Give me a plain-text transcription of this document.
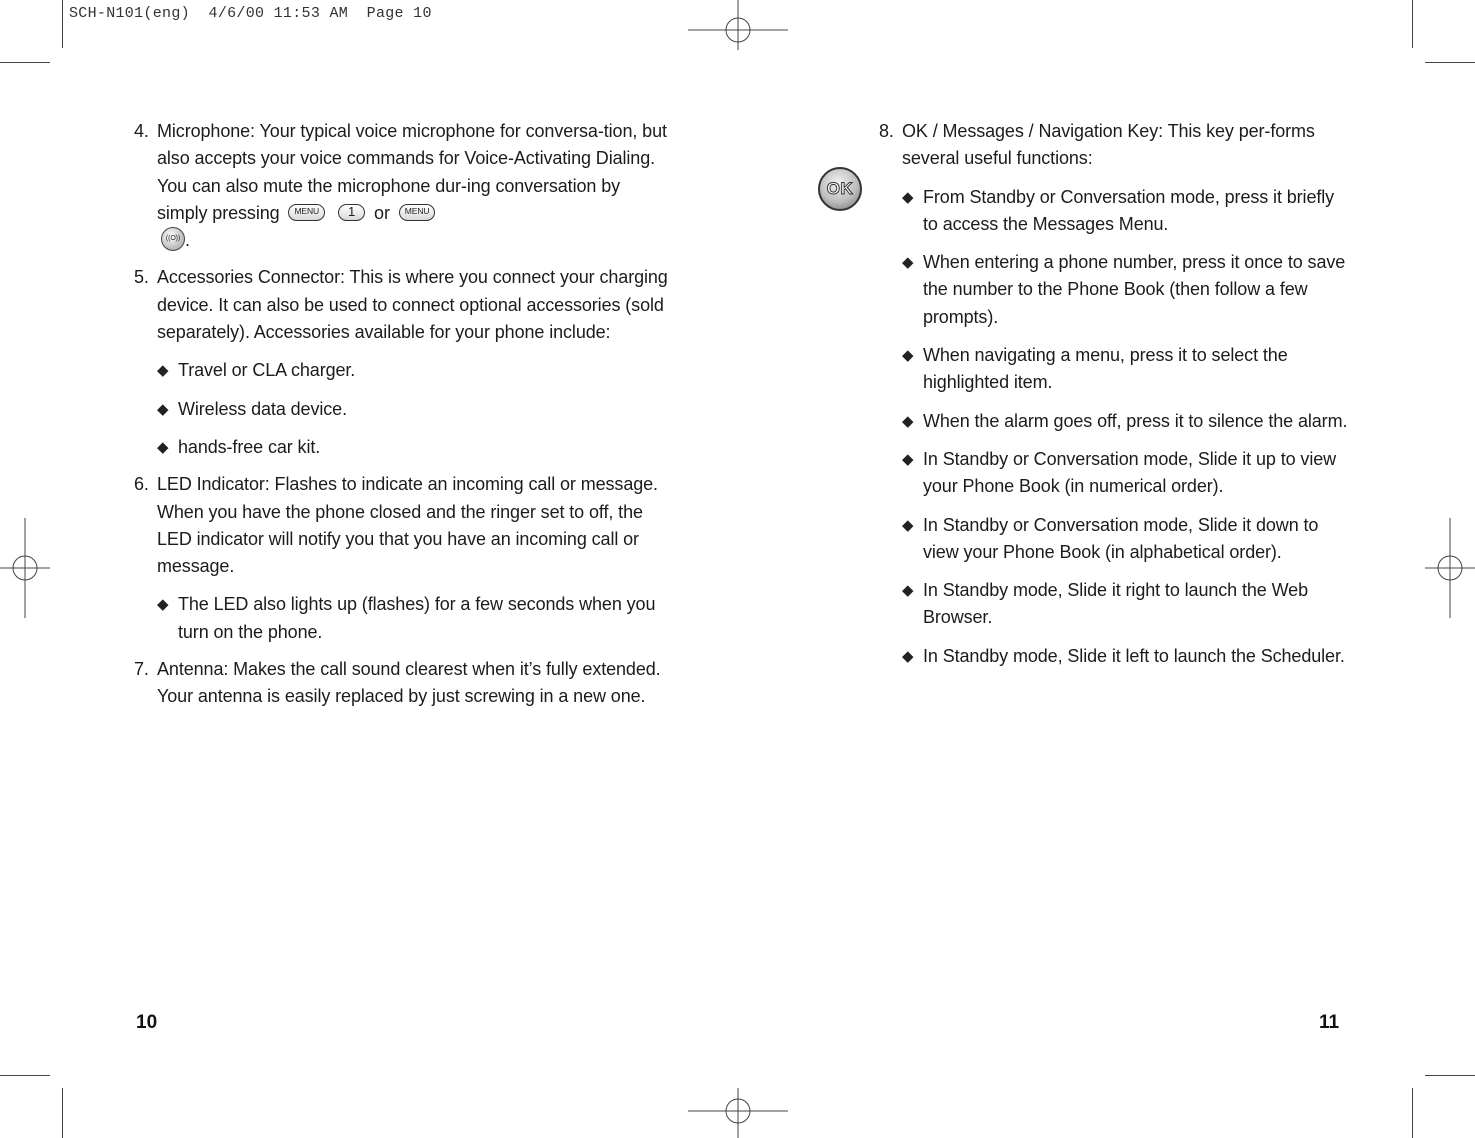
SCH-N101(eng)  4/6/00 11:53 AM  Page 10
4. Microphone: Your typical voice microphone for conversa-tion, but also accepts your voice commands for Voice-Activating Dialing. You can also mute the microphone dur-ing conversation by simply pressing MENU 1 or MENU
((O)) .

5. Accessories Connector: This is where you connect your charging device. It can also be used to connect optional accessories (sold separately). Accessories available for your phone include:

◆ Travel or CLA charger.
◆ Wireless data device.
◆ hands-free car kit.
6. LED Indicator: Flashes to indicate an incoming call or message. When you have the phone closed and the ringer set to off, the LED indicator will notify you that you have an incoming call or message.

◆ The LED also lights up (flashes) for a few seconds when you turn on the phone.
7. Antenna: Makes the call sound clearest when it’s fully extended. Your antenna is easily replaced by just screwing in a new one.

OK
8. OK / Messages / Navigation Key: This key per-forms several useful functions:

◆ From Standby or Conversation mode, press it briefly to access the Messages Menu.
◆ When entering a phone number, press it once to save the number to the Phone Book (then follow a few prompts).
◆ When navigating a menu, press it to select the highlighted item.
◆ When the alarm goes off, press it to silence the alarm.
◆ In Standby or Conversation mode, Slide it up to view your Phone Book (in numerical order).
◆ In Standby or Conversation mode, Slide it down to view your Phone Book (in alphabetical order).
◆ In Standby mode, Slide it right to launch the Web Browser.
◆ In Standby mode, Slide it left to launch the Scheduler.
10	11
